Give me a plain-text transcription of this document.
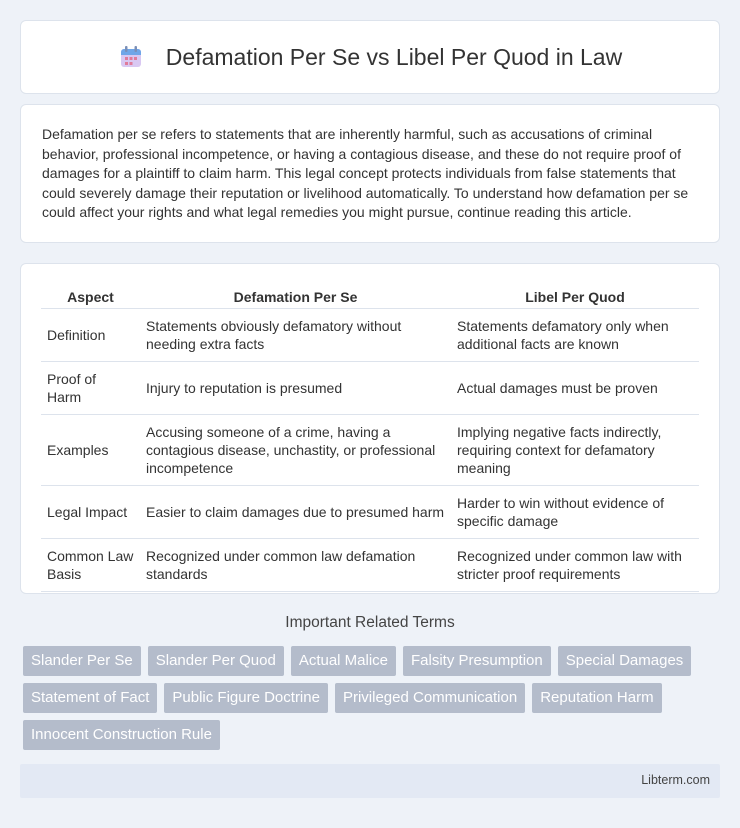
Defamation Per Se vs Libel Per Quod in Law

Defamation per se refers to statements that are inherently harmful, such as accusations of criminal behavior, professional incompetence, or having a contagious disease, and these do not require proof of damages for a plaintiff to claim harm. This legal concept protects individuals from false statements that could severely damage their reputation or livelihood automatically. To understand how defamation per se could affect your rights and what legal remedies you might pursue, continue reading this article.

Aspect	Defamation Per Se	Libel Per Quod
Definition	Statements obviously defamatory without needing extra facts	Statements defamatory only when additional facts are known
Proof of Harm	Injury to reputation is presumed	Actual damages must be proven
Examples	Accusing someone of a crime, having a contagious disease, unchastity, or professional incompetence	Implying negative facts indirectly, requiring context for defamatory meaning
Legal Impact	Easier to claim damages due to presumed harm	Harder to win without evidence of specific damage
Common Law Basis	Recognized under common law defamation standards	Recognized under common law with stricter proof requirements
Important Related Terms
Slander Per Se	Slander Per Quod	Actual Malice	Falsity Presumption	Special Damages
Statement of Fact	Public Figure Doctrine	Privileged Communication	Reputation Harm
Innocent Construction Rule
Libterm.com
